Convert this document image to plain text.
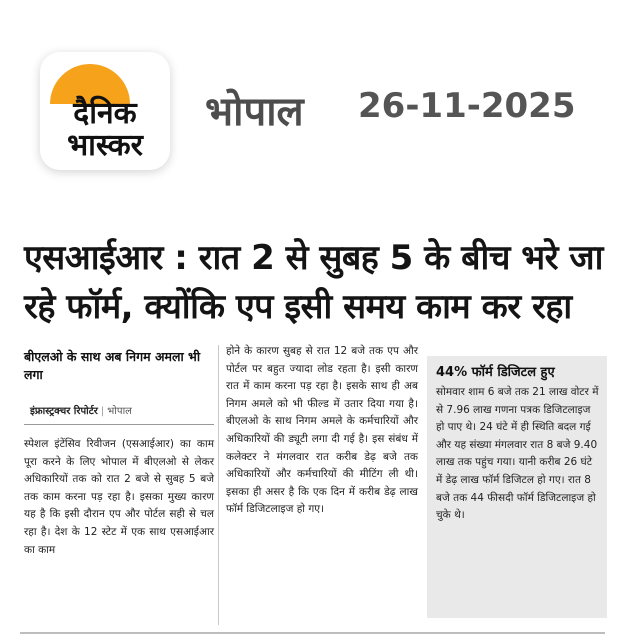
दैनिक
भास्कर
भोपाल 26-11-2025
एसआईआर : रात 2 से सुबह 5 के बीच भरे जा
रहे फॉर्म, क्योंकि एप इसी समय काम कर रहा
बीएलओ के साथ अब निगम अमला भी लगा
इंफ्रास्ट्रक्चर रिपोर्टर | भोपाल
स्पेशल इंटेंसिव रिवीजन (एसआईआर) का काम पूरा करने के लिए भोपाल में बीएलओ से लेकर अधिकारियों तक को रात 2 बजे से सुबह 5 बजे तक काम करना पड़ रहा है। इसका मुख्य कारण यह है कि इसी दौरान एप और पोर्टल सही से चल रहा है। देश के 12 स्टेट में एक साथ एसआईआर का काम
होने के कारण सुबह से रात 12 बजे तक एप और पोर्टल पर बहुत ज्यादा लोड रहता है। इसी कारण रात में काम करना पड़ रहा है। इसके साथ ही अब निगम अमले को भी फील्ड में उतार दिया गया है। बीएलओ के साथ निगम अमले के कर्मचारियों और अधिकारियों की ड्यूटी लगा दी गई है। इस संबंध में कलेक्टर ने मंगलवार रात करीब डेढ़ बजे तक अधिकारियों और कर्मचारियों की मीटिंग ली थी। इसका ही असर है कि एक दिन में करीब डेढ़ लाख फॉर्म डिजिटलाइज हो गए।
44% फॉर्म डिजिटल हुए
सोमवार शाम 6 बजे तक 21 लाख वोटर में से 7.96 लाख गणना पत्रक डिजिटलाइज हो पाए थे। 24 घंटे में ही स्थिति बदल गई और यह संख्या मंगलवार रात 8 बजे 9.40 लाख तक पहुंच गया। यानी करीब 26 घंटे में डेढ़ लाख फॉर्म डिजिटल हो गए। रात 8 बजे तक 44 फीसदी फॉर्म डिजिटलाइज हो चुके थे।
